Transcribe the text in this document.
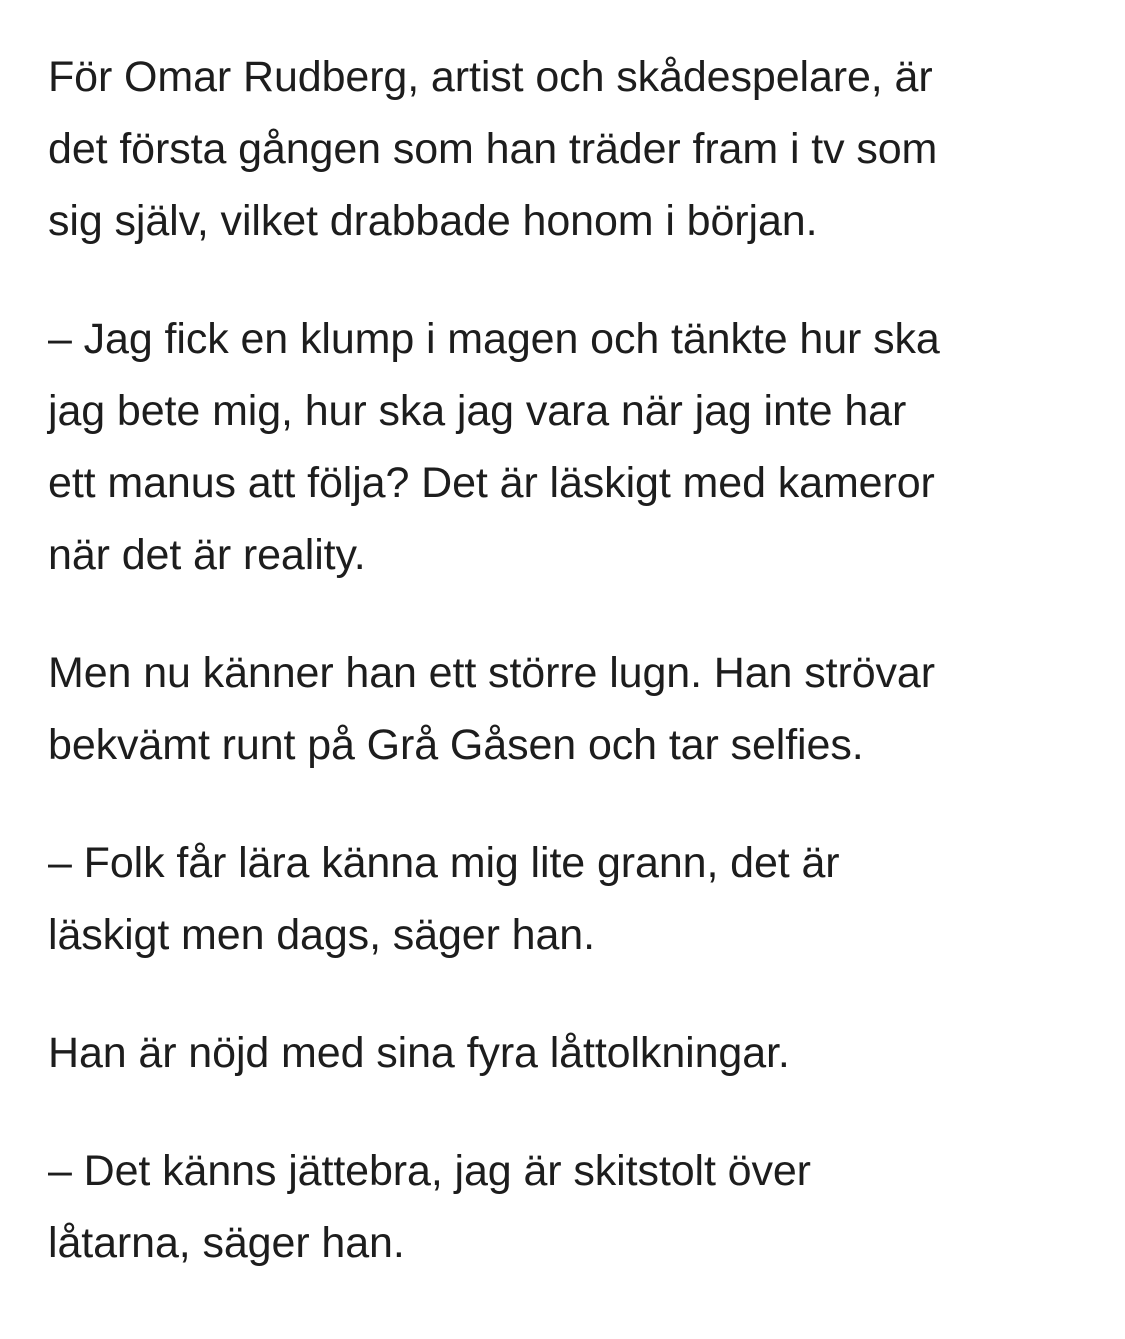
För Omar Rudberg, artist och skådespelare, är
det första gången som han träder fram i tv som
sig själv, vilket drabbade honom i början.

– Jag fick en klump i magen och tänkte hur ska
jag bete mig, hur ska jag vara när jag inte har
ett manus att följa? Det är läskigt med kameror
när det är reality.

Men nu känner han ett större lugn. Han strövar
bekvämt runt på Grå Gåsen och tar selfies.

– Folk får lära känna mig lite grann, det är
läskigt men dags, säger han.

Han är nöjd med sina fyra låttolkningar.

– Det känns jättebra, jag är skitstolt över
låtarna, säger han.
